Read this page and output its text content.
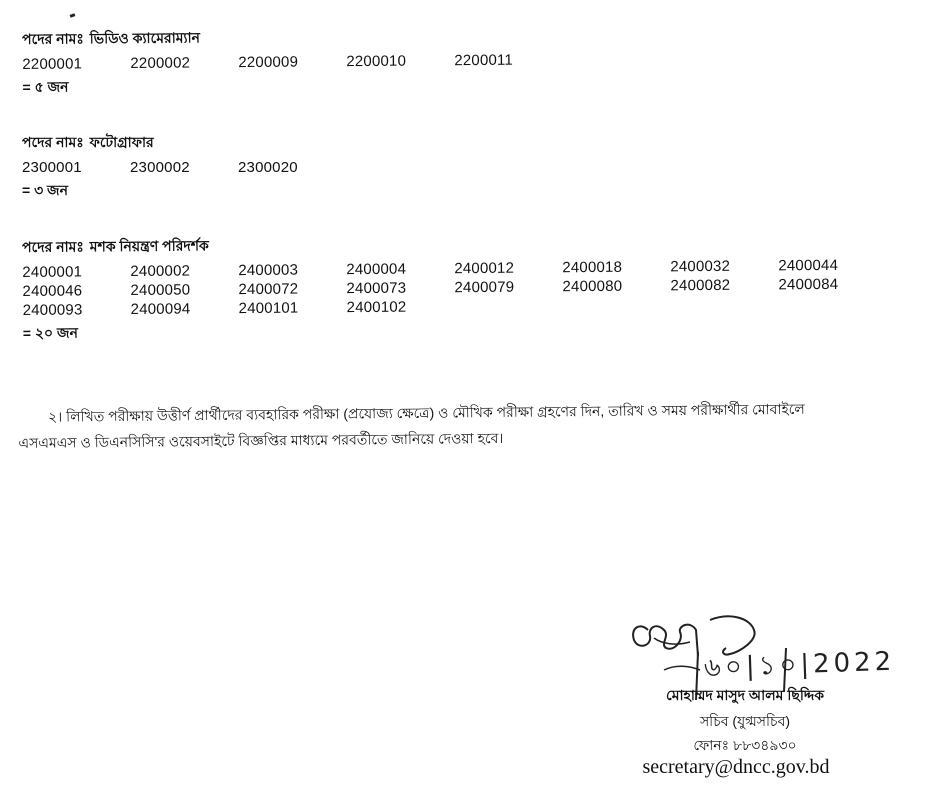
পদের নামঃ ভিডিও ক্যামেরাম্যান
2200001	2200002	2200009	2200010	2200011
= ৫ জন
পদের নামঃ ফটোগ্রাফার
2300001	2300002	2300020
= ৩ জন
পদের নামঃ মশক নিয়ন্ত্রণ পরিদর্শক
2400001	2400002	2400003	2400004	2400012	2400018	2400032	2400044
2400046	2400050	2400072	2400073	2400079	2400080	2400082	2400084
2400093	2400094	2400101	2400102
= ২০ জন
২। লিখিত পরীক্ষায় উত্তীর্ণ প্রার্থীদের ব্যবহারিক পরীক্ষা (প্রযোজ্য ক্ষেত্রে) ও মৌখিক পরীক্ষা গ্রহণের দিন, তারিখ ও সময় পরীক্ষার্থীর মোবাইলে এসএমএস ও ডিএনসিসি'র ওয়েবসাইটে বিজ্ঞপ্তির মাধ্যমে পরবর্তীতে জানিয়ে দেওয়া হবে।
৬০|১০|2022
মোহাম্মদ মাসুদ আলম ছিদ্দিক
সচিব (যুগ্মসচিব)
ফোনঃ ৮৮৩৪৯৩০
secretary@dncc.gov.bd
